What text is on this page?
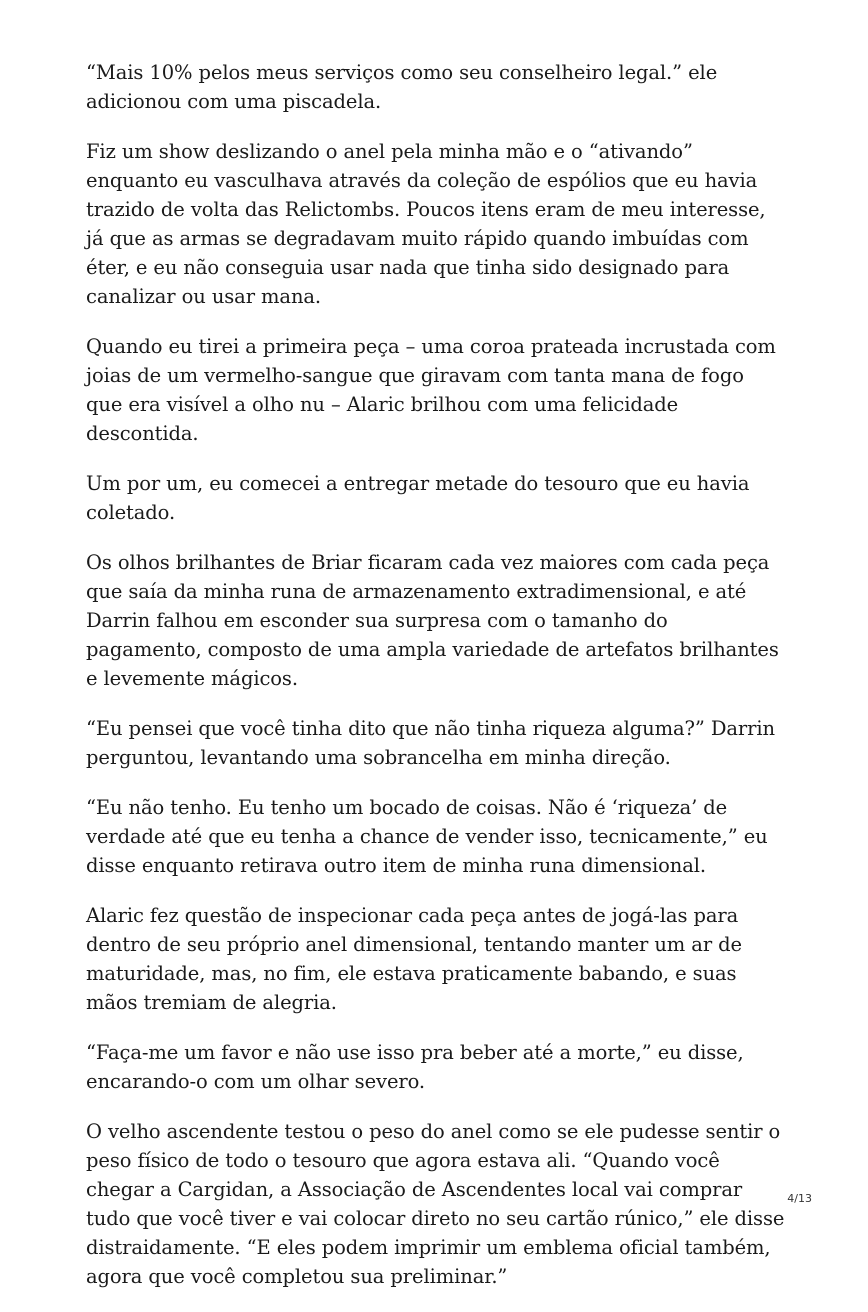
“Mais 10% pelos meus serviços como seu conselheiro legal.” ele adicionou com uma piscadela.

Fiz um show deslizando o anel pela minha mão e o “ativando” enquanto eu vasculhava através da coleção de espólios que eu havia trazido de volta das Relictombs. Poucos itens eram de meu interesse, já que as armas se degradavam muito rápido quando imbuídas com éter, e eu não conseguia usar nada que tinha sido designado para canalizar ou usar mana.

Quando eu tirei a primeira peça – uma coroa prateada incrustada com joias de um vermelho-sangue que giravam com tanta mana de fogo que era visível a olho nu – Alaric brilhou com uma felicidade descontida.

Um por um, eu comecei a entregar metade do tesouro que eu havia coletado.

Os olhos brilhantes de Briar ficaram cada vez maiores com cada peça que saía da minha runa de armazenamento extradimensional, e até Darrin falhou em esconder sua surpresa com o tamanho do pagamento, composto de uma ampla variedade de artefatos brilhantes e levemente mágicos.

“Eu pensei que você tinha dito que não tinha riqueza alguma?” Darrin perguntou, levantando uma sobrancelha em minha direção.

“Eu não tenho. Eu tenho um bocado de coisas. Não é ‘riqueza’ de verdade até que eu tenha a chance de vender isso, tecnicamente,” eu disse enquanto retirava outro item de minha runa dimensional.

Alaric fez questão de inspecionar cada peça antes de jogá-las para dentro de seu próprio anel dimensional, tentando manter um ar de maturidade, mas, no fim, ele estava praticamente babando, e suas mãos tremiam de alegria.

“Faça-me um favor e não use isso pra beber até a morte,” eu disse, encarando-o com um olhar severo.

O velho ascendente testou o peso do anel como se ele pudesse sentir o peso físico de todo o tesouro que agora estava ali. “Quando você chegar a Cargidan, a Associação de Ascendentes local vai comprar tudo que você tiver e vai colocar direto no seu cartão rúnico,” ele disse distraidamente. “E eles podem imprimir um emblema oficial também, agora que você completou sua preliminar.”

4/13
